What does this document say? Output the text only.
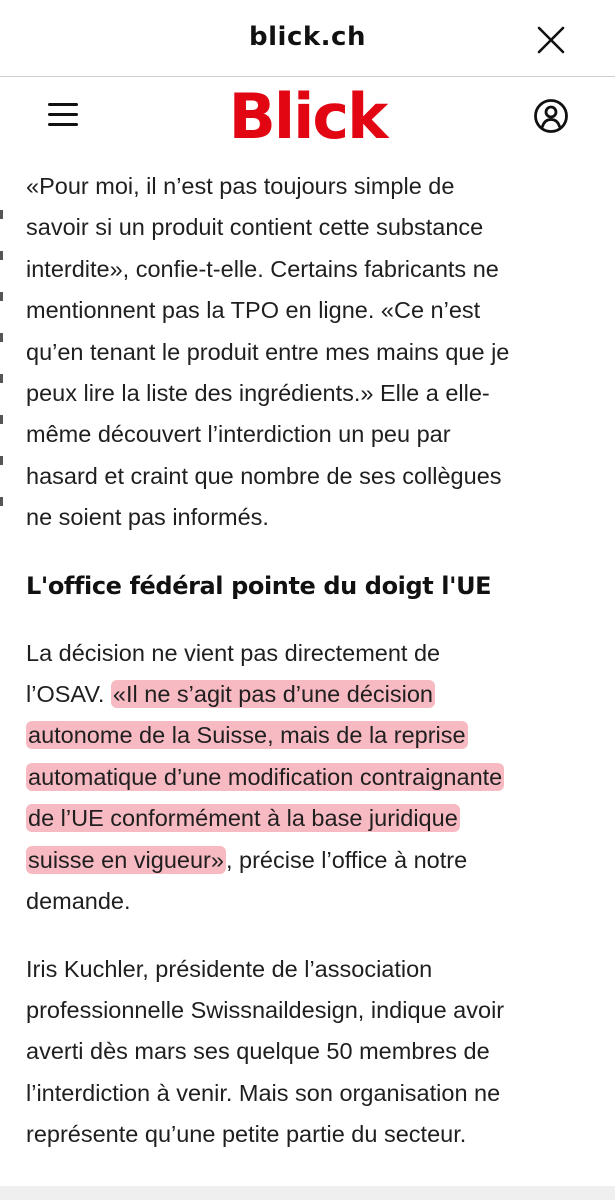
blick.ch
Blick

«Pour moi, il n’est pas toujours simple de
savoir si un produit contient cette substance
interdite», confie-t-elle. Certains fabricants ne
mentionnent pas la TPO en ligne. «Ce n’est
qu’en tenant le produit entre mes mains que je
peux lire la liste des ingrédients.» Elle a elle-
même découvert l’interdiction un peu par
hasard et craint que nombre de ses collègues
ne soient pas informés.

L'office fédéral pointe du doigt l'UE

La décision ne vient pas directement de
l’OSAV. «Il ne s’agit pas d’une décision
autonome de la Suisse, mais de la reprise
automatique d’une modification contraignante
de l’UE conformément à la base juridique
suisse en vigueur», précise l’office à notre
demande.

Iris Kuchler, présidente de l’association
professionnelle Swissnaildesign, indique avoir
averti dès mars ses quelque 50 membres de
l’interdiction à venir. Mais son organisation ne
représente qu’une petite partie du secteur.
